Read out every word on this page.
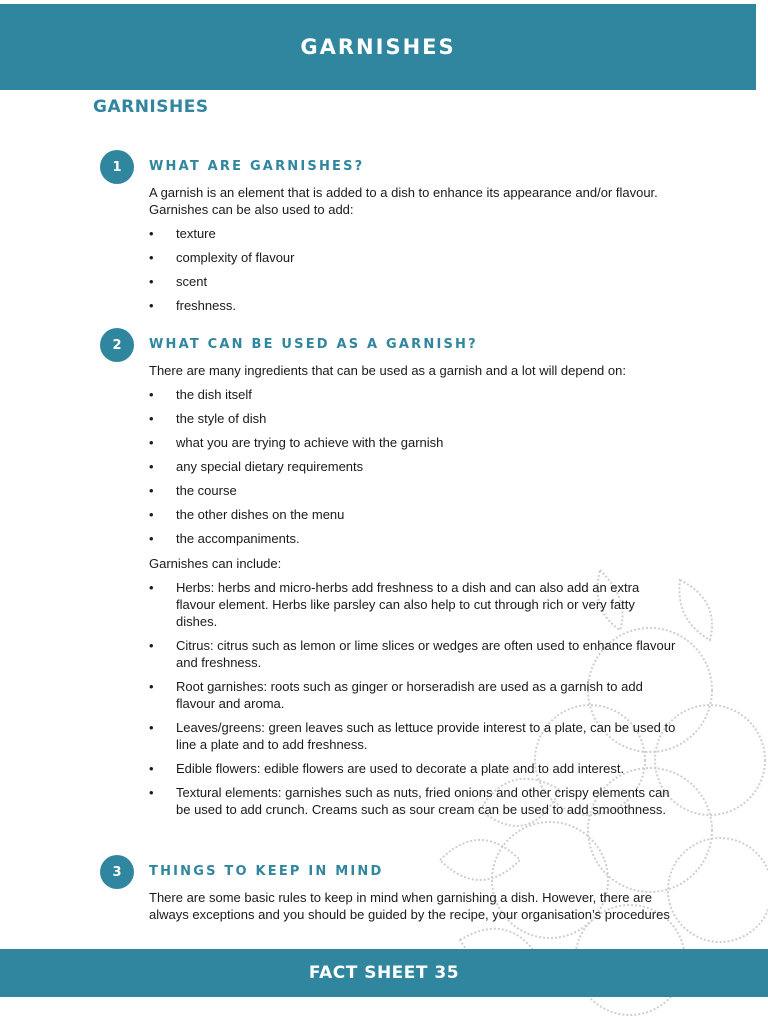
GARNISHES
GARNISHES
1	WHAT ARE GARNISHES?

A garnish is an element that is added to a dish to enhance its appearance and/or flavour. Garnishes can be also used to add:

• texture
• complexity of flavour
• scent
• freshness.
2	WHAT CAN BE USED AS A GARNISH?

There are many ingredients that can be used as a garnish and a lot will depend on:

• the dish itself
• the style of dish
• what you are trying to achieve with the garnish
• any special dietary requirements
• the course
• the other dishes on the menu
• the accompaniments.

Garnishes can include:

• Herbs: herbs and micro-herbs add freshness to a dish and can also add an extra flavour element. Herbs like parsley can also help to cut through rich or very fatty dishes.
• Citrus: citrus such as lemon or lime slices or wedges are often used to enhance flavour and freshness.
• Root garnishes: roots such as ginger or horseradish are used as a garnish to add flavour and aroma.
• Leaves/greens: green leaves such as lettuce provide interest to a plate, can be used to line a plate and to add freshness.
• Edible flowers: edible flowers are used to decorate a plate and to add interest.
• Textural elements: garnishes such as nuts, fried onions and other crispy elements can be used to add crunch. Creams such as sour cream can be used to add smoothness.
3	THINGS TO KEEP IN MIND

There are some basic rules to keep in mind when garnishing a dish. However, there are always exceptions and you should be guided by the recipe, your organisation’s procedures

FACT SHEET 35
